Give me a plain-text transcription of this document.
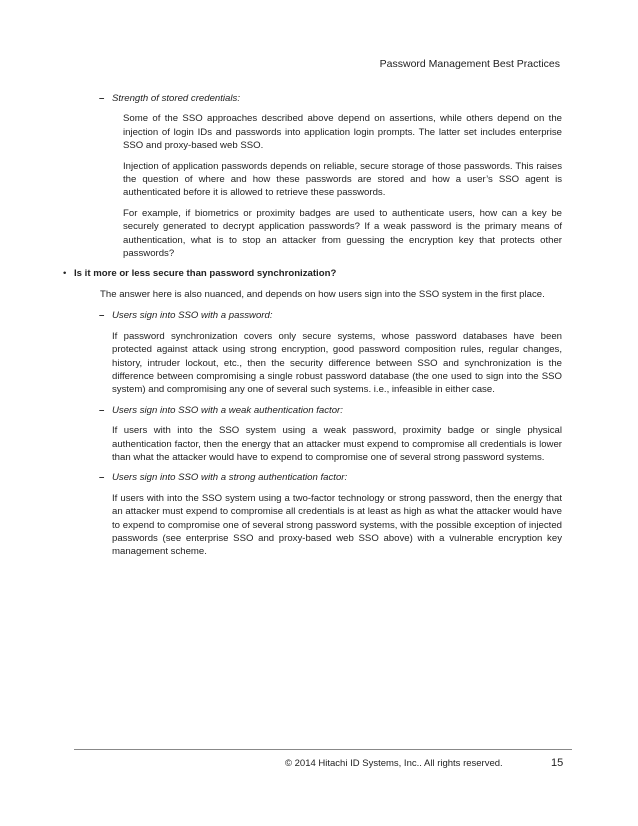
Password Management Best Practices
– Strength of stored credentials:

Some of the SSO approaches described above depend on assertions, while others depend on the injection of login IDs and passwords into application login prompts. The latter set includes enterprise SSO and proxy-based web SSO.

Injection of application passwords depends on reliable, secure storage of those passwords. This raises the question of where and how these passwords are stored and how a user’s SSO agent is authenticated before it is allowed to retrieve these passwords.

For example, if biometrics or proximity badges are used to authenticate users, how can a key be securely generated to decrypt application passwords? If a weak password is the primary means of authentication, what is to stop an attacker from guessing the encryption key that protects other passwords?

• Is it more or less secure than password synchronization?

The answer here is also nuanced, and depends on how users sign into the SSO system in the first place.

– Users sign into SSO with a password:

If password synchronization covers only secure systems, whose password databases have been protected against attack using strong encryption, good password composition rules, regular changes, history, intruder lockout, etc., then the security difference between SSO and synchronization is the difference between compromising a single robust password database (the one used to sign into the SSO system) and compromising any one of several such systems. i.e., infeasible in either case.

– Users sign into SSO with a weak authentication factor:

If users with into the SSO system using a weak password, proximity badge or single physical authentication factor, then the energy that an attacker must expend to compromise all credentials is lower than what the attacker would have to expend to compromise one of several strong password systems.

– Users sign into SSO with a strong authentication factor:

If users with into the SSO system using a two-factor technology or strong password, then the energy that an attacker must expend to compromise all credentials is at least as high as what the attacker would have to expend to compromise one of several strong password systems, with the possible exception of injected passwords (see enterprise SSO and proxy-based web SSO above) with a vulnerable encryption key management scheme.

© 2014 Hitachi ID Systems, Inc.. All rights reserved.	15
